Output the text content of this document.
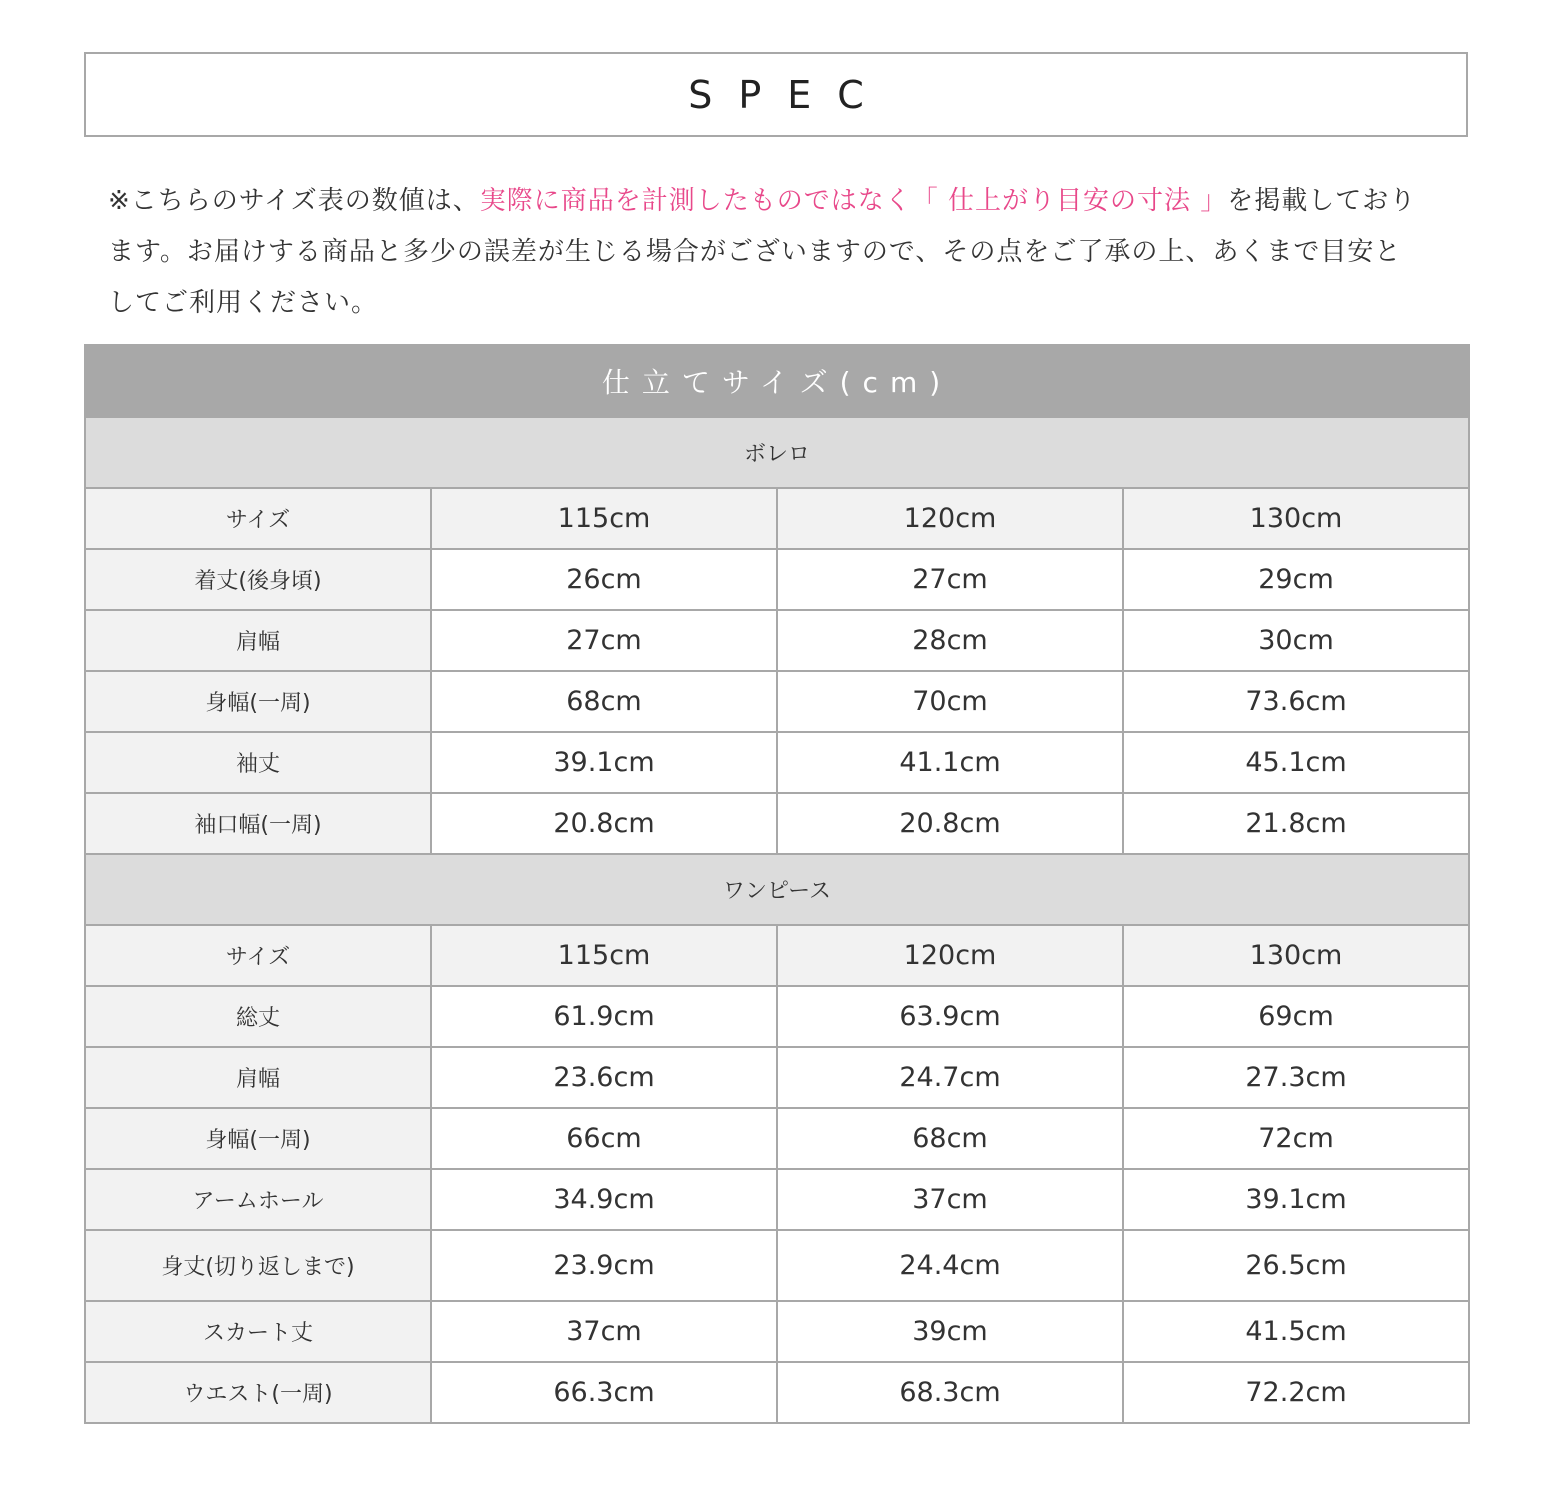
SPEC
※こちらのサイズ表の数値は、実際に商品を計測したものではなく「 仕上がり目安の寸法 」を掲載しております。お届けする商品と多少の誤差が生じる場合がございますので、その点をご了承の上、あくまで目安としてご利用ください。
仕立てサイズ(cm)			
ボレロ			
サイズ	115cm	120cm	130cm
着丈(後身頃)	26cm	27cm	29cm
肩幅	27cm	28cm	30cm
身幅(一周)	68cm	70cm	73.6cm
袖丈	39.1cm	41.1cm	45.1cm
袖口幅(一周)	20.8cm	20.8cm	21.8cm
ワンピース			
サイズ	115cm	120cm	130cm
総丈	61.9cm	63.9cm	69cm
肩幅	23.6cm	24.7cm	27.3cm
身幅(一周)	66cm	68cm	72cm
アームホール	34.9cm	37cm	39.1cm
身丈(切り返しまで)	23.9cm	24.4cm	26.5cm
スカート丈	37cm	39cm	41.5cm
ウエスト(一周)	66.3cm	68.3cm	72.2cm
